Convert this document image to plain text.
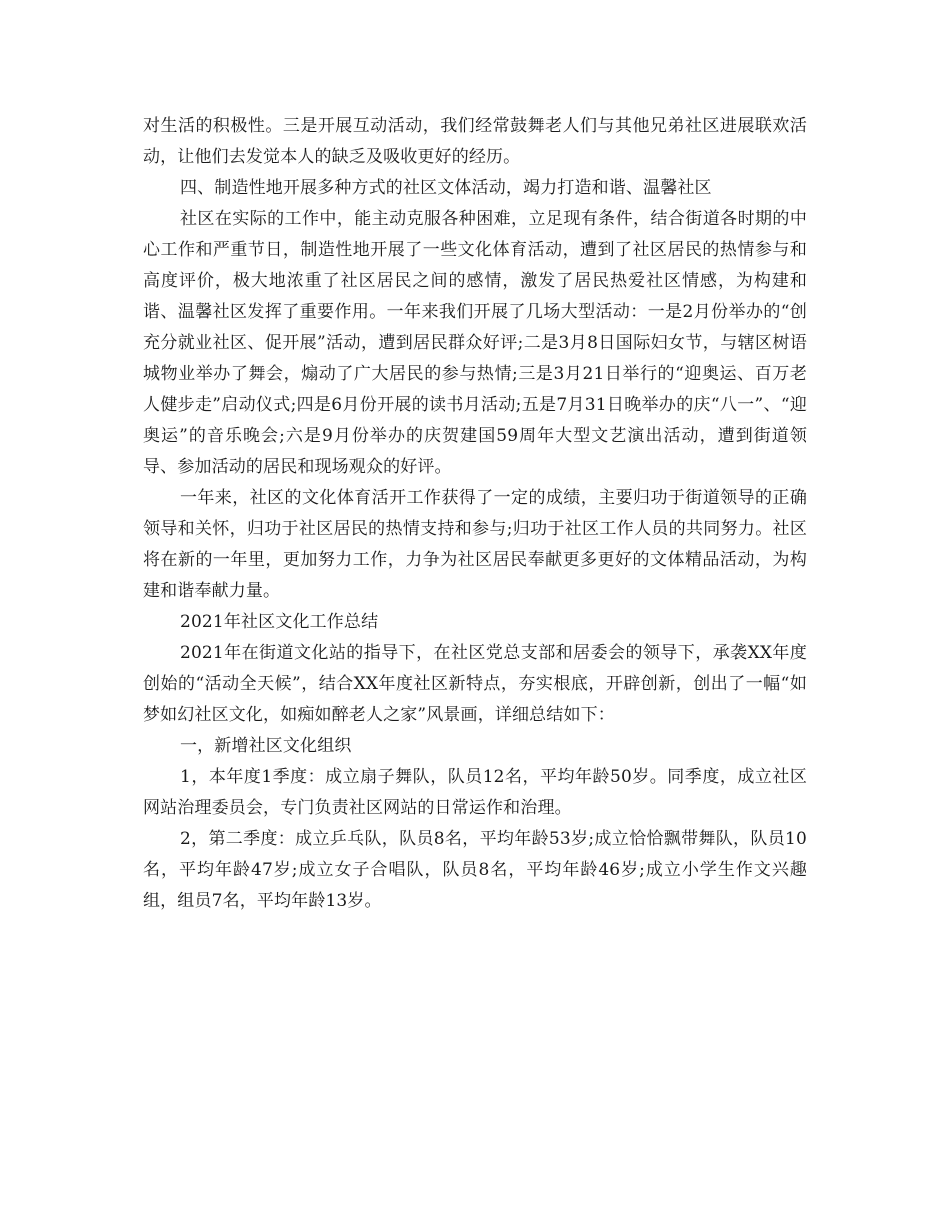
对生活的积极性。三是开展互动活动，我们经常鼓舞老人们与其他兄弟社区进展联欢活动，让他们去发觉本人的缺乏及吸收更好的经历。

四、制造性地开展多种方式的社区文体活动，竭力打造和谐、温馨社区

社区在实际的工作中，能主动克服各种困难，立足现有条件，结合街道各时期的中心工作和严重节日，制造性地开展了一些文化体育活动，遭到了社区居民的热情参与和高度评价，极大地浓重了社区居民之间的感情，激发了居民热爱社区情感，为构建和谐、温馨社区发挥了重要作用。一年来我们开展了几场大型活动：一是2月份举办的“创充分就业社区、促开展”活动，遭到居民群众好评;二是3月8日国际妇女节，与辖区树语城物业举办了舞会，煽动了广大居民的参与热情;三是3月21日举行的“迎奥运、百万老人健步走”启动仪式;四是6月份开展的读书月活动;五是7月31日晚举办的庆“八一”、“迎奥运”的音乐晚会;六是9月份举办的庆贺建国59周年大型文艺演出活动，遭到街道领导、参加活动的居民和现场观众的好评。

一年来，社区的文化体育活开工作获得了一定的成绩，主要归功于街道领导的正确领导和关怀，归功于社区居民的热情支持和参与;归功于社区工作人员的共同努力。社区将在新的一年里，更加努力工作，力争为社区居民奉献更多更好的文体精品活动，为构建和谐奉献力量。

2021年社区文化工作总结

2021年在街道文化站的指导下，在社区党总支部和居委会的领导下，承袭XX年度创始的“活动全天候”，结合XX年度社区新特点，夯实根底，开辟创新，创出了一幅“如梦如幻社区文化，如痴如醉老人之家”风景画，详细总结如下：

一，新增社区文化组织

1，本年度1季度：成立扇子舞队，队员12名，平均年龄50岁。同季度，成立社区网站治理委员会，专门负责社区网站的日常运作和治理。

2，第二季度：成立乒乓队，队员8名，平均年龄53岁;成立恰恰飘带舞队，队员10名，平均年龄47岁;成立女子合唱队，队员8名，平均年龄46岁;成立小学生作文兴趣组，组员7名，平均年龄13岁。
